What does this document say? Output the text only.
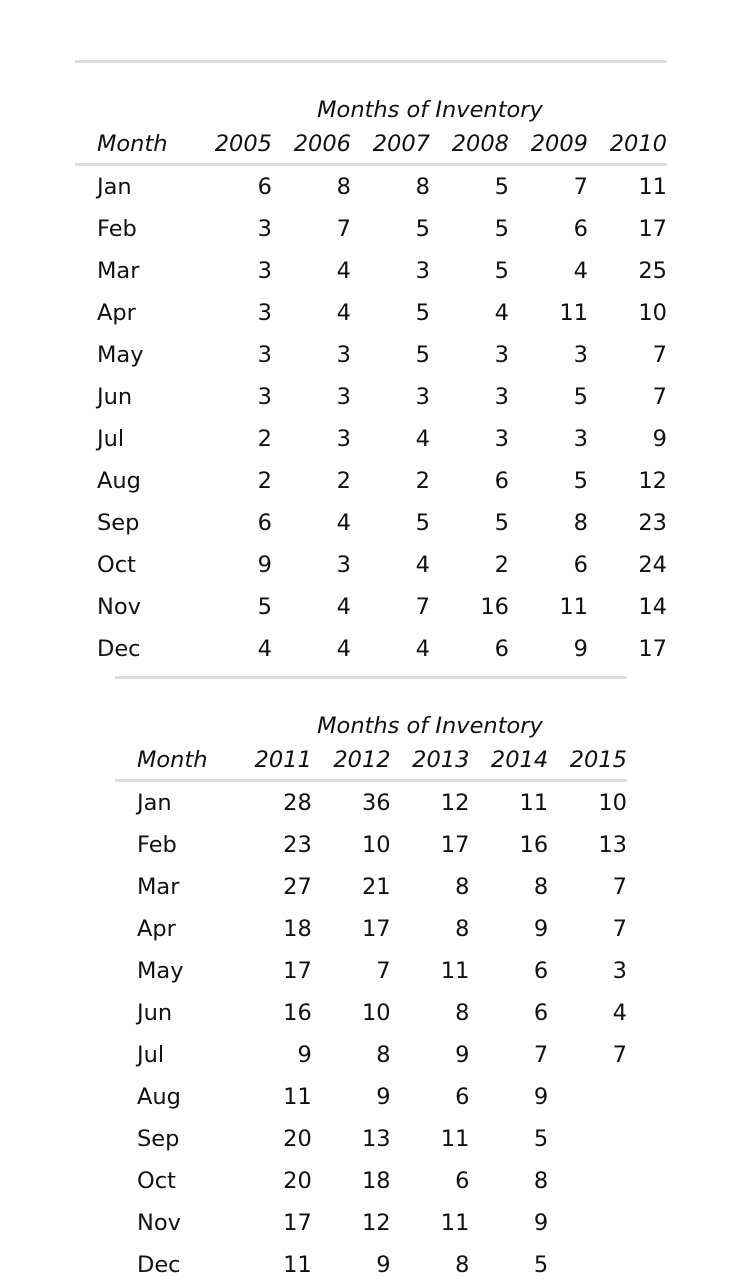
	Months of Inventory					
Month	2005	2006	2007	2008	2009	2010
Jan	6	8	8	5	7	11
Feb	3	7	5	5	6	17
Mar	3	4	3	5	4	25
Apr	3	4	5	4	11	10
May	3	3	5	3	3	7
Jun	3	3	3	3	5	7
Jul	2	3	4	3	3	9
Aug	2	2	2	6	5	12
Sep	6	4	5	5	8	23
Oct	9	3	4	2	6	24
Nov	5	4	7	16	11	14
Dec	4	4	4	6	9	17
	Months of Inventory				
Month	2011	2012	2013	2014	2015
Jan	28	36	12	11	10
Feb	23	10	17	16	13
Mar	27	21	8	8	7
Apr	18	17	8	9	7
May	17	7	11	6	3
Jun	16	10	8	6	4
Jul	9	8	9	7	7
Aug	11	9	6	9	
Sep	20	13	11	5	
Oct	20	18	6	8	
Nov	17	12	11	9	
Dec	11	9	8	5	
